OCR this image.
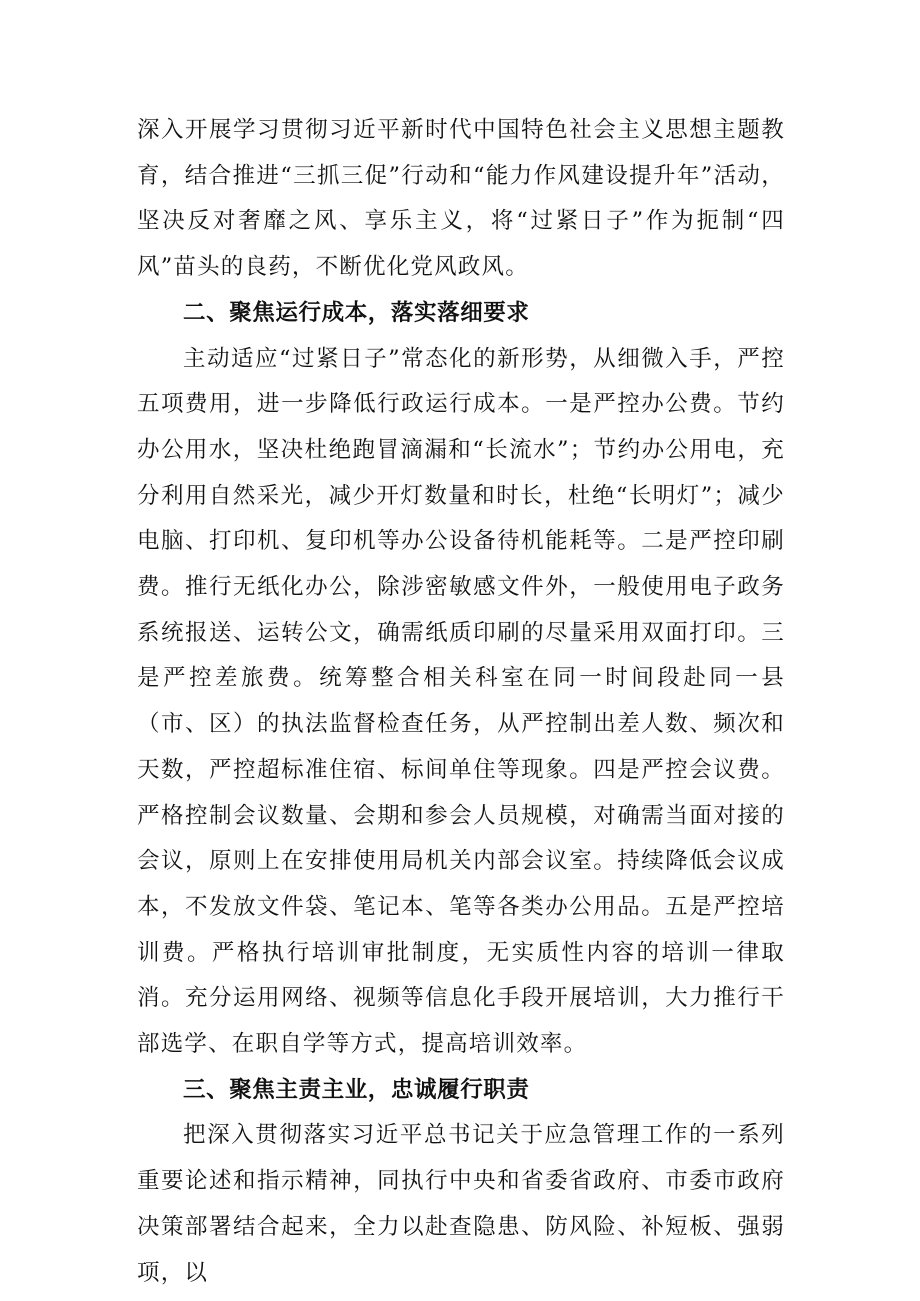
深入开展学习贯彻习近平新时代中国特色社会主义思想主题教育，结合推进“三抓三促”行动和“能力作风建设提升年”活动，坚决反对奢靡之风、享乐主义，将“过紧日子”作为扼制“四风”苗头的良药，不断优化党风政风。

二、聚焦运行成本，落实落细要求

主动适应“过紧日子”常态化的新形势，从细微入手，严控五项费用，进一步降低行政运行成本。一是严控办公费。节约办公用水，坚决杜绝跑冒滴漏和“长流水”；节约办公用电，充分利用自然采光，减少开灯数量和时长，杜绝“长明灯”；减少电脑、打印机、复印机等办公设备待机能耗等。二是严控印刷费。推行无纸化办公，除涉密敏感文件外，一般使用电子政务系统报送、运转公文，确需纸质印刷的尽量采用双面打印。三是严控差旅费。统筹整合相关科室在同一时间段赴同一县（市、区）的执法监督检查任务，从严控制出差人数、频次和天数，严控超标准住宿、标间单住等现象。四是严控会议费。严格控制会议数量、会期和参会人员规模，对确需当面对接的会议，原则上在安排使用局机关内部会议室。持续降低会议成本，不发放文件袋、笔记本、笔等各类办公用品。五是严控培训费。严格执行培训审批制度，无实质性内容的培训一律取消。充分运用网络、视频等信息化手段开展培训，大力推行干部选学、在职自学等方式，提高培训效率。

三、聚焦主责主业，忠诚履行职责

把深入贯彻落实习近平总书记关于应急管理工作的一系列重要论述和指示精神，同执行中央和省委省政府、市委市政府决策部署结合起来，全力以赴查隐患、防风险、补短板、强弱项，以
